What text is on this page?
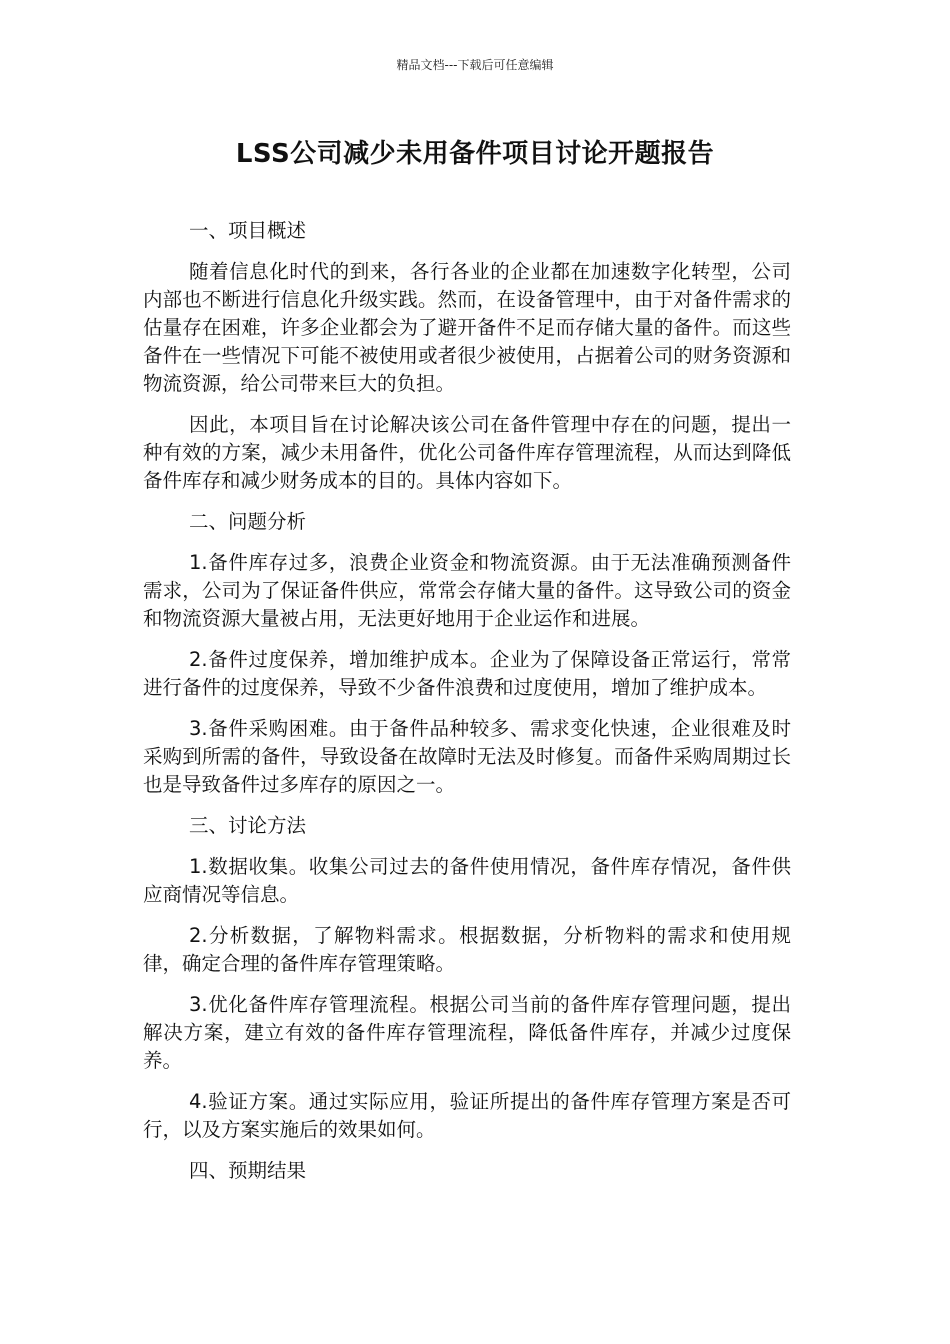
精品文档---下载后可任意编辑
LSS公司减少未用备件项目讨论开题报告

一、项目概述

随着信息化时代的到来，各行各业的企业都在加速数字化转型，公司内部也不断进行信息化升级实践。然而，在设备管理中，由于对备件需求的估量存在困难，许多企业都会为了避开备件不足而存储大量的备件。而这些备件在一些情况下可能不被使用或者很少被使用，占据着公司的财务资源和物流资源，给公司带来巨大的负担。

因此，本项目旨在讨论解决该公司在备件管理中存在的问题，提出一种有效的方案，减少未用备件，优化公司备件库存管理流程，从而达到降低备件库存和减少财务成本的目的。具体内容如下。

二、问题分析

1.备件库存过多，浪费企业资金和物流资源。由于无法准确预测备件需求，公司为了保证备件供应，常常会存储大量的备件。这导致公司的资金和物流资源大量被占用，无法更好地用于企业运作和进展。

2.备件过度保养，增加维护成本。企业为了保障设备正常运行，常常进行备件的过度保养，导致不少备件浪费和过度使用，增加了维护成本。

3.备件采购困难。由于备件品种较多、需求变化快速，企业很难及时采购到所需的备件，导致设备在故障时无法及时修复。而备件采购周期过长也是导致备件过多库存的原因之一。

三、讨论方法

1.数据收集。收集公司过去的备件使用情况，备件库存情况，备件供应商情况等信息。

2.分析数据，了解物料需求。根据数据，分析物料的需求和使用规律，确定合理的备件库存管理策略。

3.优化备件库存管理流程。根据公司当前的备件库存管理问题，提出解决方案，建立有效的备件库存管理流程，降低备件库存，并减少过度保养。

4.验证方案。通过实际应用，验证所提出的备件库存管理方案是否可行，以及方案实施后的效果如何。

四、预期结果
